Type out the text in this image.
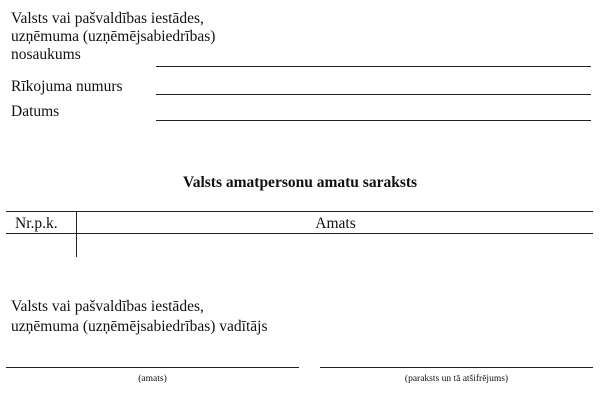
Valsts vai pašvaldības iestādes,
uzņēmuma (uzņēmējsabiedrības)
nosaukums
Rīkojuma numurs
Datums
Valsts amatpersonu amatu saraksts
Nr.p.k.	Amats
Valsts vai pašvaldības iestādes,
uzņēmuma (uzņēmējsabiedrības) vadītājs
(amats)	(paraksts un tā atšifrējums)
